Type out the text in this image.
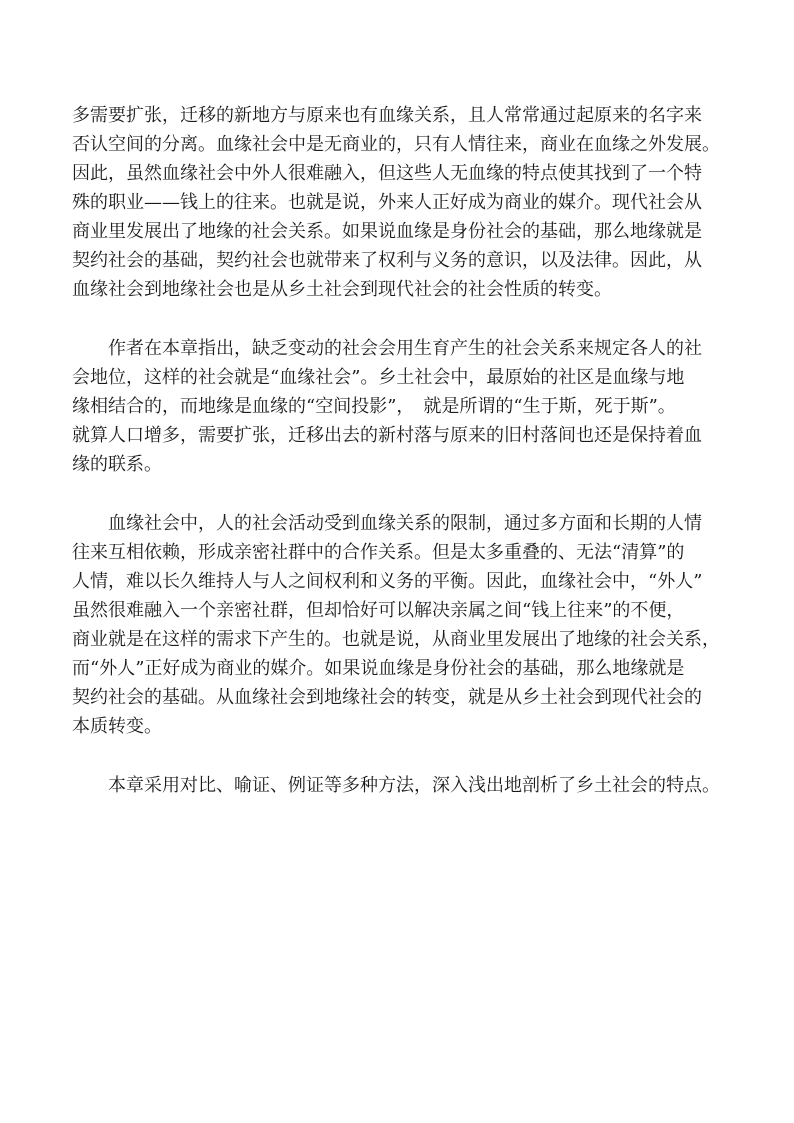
多需要扩张，迁移的新地方与原来也有血缘关系，且人常常通过起原来的名字来
否认空间的分离。血缘社会中是无商业的，只有人情往来，商业在血缘之外发展。
因此，虽然血缘社会中外人很难融入，但这些人无血缘的特点使其找到了一个特
殊的职业——钱上的往来。也就是说，外来人正好成为商业的媒介。现代社会从
商业里发展出了地缘的社会关系。如果说血缘是身份社会的基础，那么地缘就是
契约社会的基础，契约社会也就带来了权利与义务的意识，以及法律。因此，从
血缘社会到地缘社会也是从乡土社会到现代社会的社会性质的转变。
　　作者在本章指出，缺乏变动的社会会用生育产生的社会关系来规定各人的社
会地位，这样的社会就是“血缘社会”。乡土社会中，最原始的社区是血缘与地
缘相结合的，而地缘是血缘的“空间投影”，　就是所谓的“生于斯，死于斯”。
就算人口增多，需要扩张，迁移出去的新村落与原来的旧村落间也还是保持着血
缘的联系。
　　血缘社会中，人的社会活动受到血缘关系的限制，通过多方面和长期的人情
往来互相依赖，形成亲密社群中的合作关系。但是太多重叠的、无法“清算”的
人情，难以长久维持人与人之间权利和义务的平衡。因此，血缘社会中，“外人”
虽然很难融入一个亲密社群，但却恰好可以解决亲属之间“钱上往来”的不便，
商业就是在这样的需求下产生的。也就是说，从商业里发展出了地缘的社会关系，
而“外人”正好成为商业的媒介。如果说血缘是身份社会的基础，那么地缘就是
契约社会的基础。从血缘社会到地缘社会的转变，就是从乡土社会到现代社会的
本质转变。
　　本章采用对比、喻证、例证等多种方法，深入浅出地剖析了乡土社会的特点。
